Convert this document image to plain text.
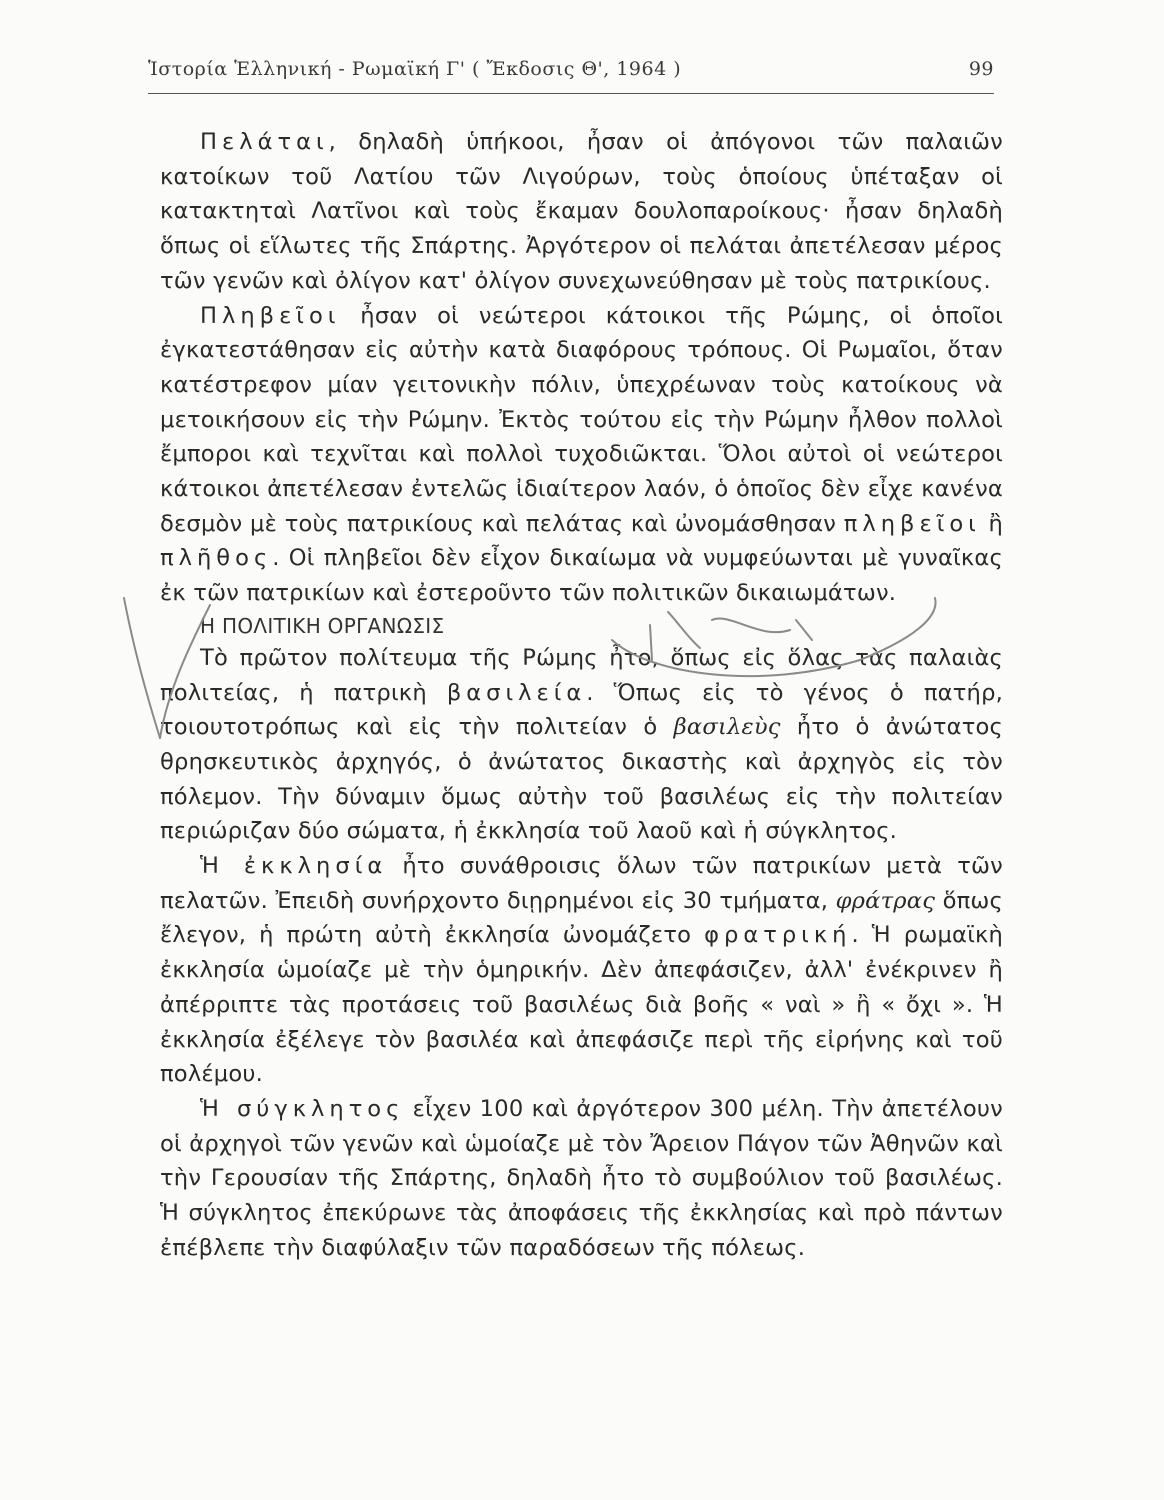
Ἱστορία Ἑλληνική - Ρωμαϊκή Γ' ( Ἔκδοσις Θ', 1964 )	99

Πελάται, δηλαδὴ ὑπήκοοι, ἦσαν οἱ ἀπόγονοι τῶν παλαιῶν κατοίκων τοῦ Λατίου τῶν Λιγούρων, τοὺς ὁποίους ὑπέταξαν οἱ κατακτηταὶ Λατῖνοι καὶ τοὺς ἔκαμαν δουλοπαροίκους· ἦσαν δηλαδὴ ὅπως οἱ εἵλωτες τῆς Σπάρτης. Ἀργότερον οἱ πελάται ἀπετέλεσαν μέρος τῶν γενῶν καὶ ὀλίγον κατ' ὀλίγον συνεχωνεύθησαν μὲ τοὺς πατρικίους.

Πληβεῖοι ἦσαν οἱ νεώτεροι κάτοικοι τῆς Ρώμης, οἱ ὁποῖοι ἐγκατεστάθησαν εἰς αὐτὴν κατὰ διαφόρους τρόπους. Οἱ Ρωμαῖοι, ὅταν κατέστρεφον μίαν γειτονικὴν πόλιν, ὑπεχρέωναν τοὺς κατοίκους νὰ μετοικήσουν εἰς τὴν Ρώμην. Ἐκτὸς τούτου εἰς τὴν Ρώμην ἦλθον πολλοὶ ἔμποροι καὶ τεχνῖται καὶ πολλοὶ τυχοδιῶκται. Ὅλοι αὐτοὶ οἱ νεώτεροι κάτοικοι ἀπετέλεσαν ἐντελῶς ἰδιαίτερον λαόν, ὁ ὁποῖος δὲν εἶχε κανένα δεσμὸν μὲ τοὺς πατρικίους καὶ πελάτας καὶ ὠνομάσθησαν πληβεῖοι ἢ πλῆθος. Οἱ πληβεῖοι δὲν εἶχον δικαίωμα νὰ νυμφεύωνται μὲ γυναῖκας ἐκ τῶν πατρικίων καὶ ἐστεροῦντο τῶν πολιτικῶν δικαιωμάτων.

Η ΠΟΛΙΤΙΚΗ ΟΡΓΑΝΩΣΙΣ

Τὸ πρῶτον πολίτευμα τῆς Ρώμης ἦτο, ὅπως εἰς ὅλας τὰς παλαιὰς πολιτείας, ἡ πατρικὴ βασιλεία. Ὅπως εἰς τὸ γένος ὁ πατήρ, τοιουτοτρόπως καὶ εἰς τὴν πολιτείαν ὁ βασιλεὺς ἦτο ὁ ἀνώτατος θρησκευτικὸς ἀρχηγός, ὁ ἀνώτατος δικαστὴς καὶ ἀρχηγὸς εἰς τὸν πόλεμον. Τὴν δύναμιν ὅμως αὐτὴν τοῦ βασιλέως εἰς τὴν πολιτείαν περιώριζαν δύο σώματα, ἡ ἐκκλησία τοῦ λαοῦ καὶ ἡ σύγκλητος.

Ἡ ἐκκλησία ἦτο συνάθροισις ὅλων τῶν πατρικίων μετὰ τῶν πελατῶν. Ἐπειδὴ συνήρχοντο διῃρημένοι εἰς 30 τμήματα, φράτρας ὅπως ἔλεγον, ἡ πρώτη αὐτὴ ἐκκλησία ὠνομάζετο φρατρική. Ἡ ρωμαϊκὴ ἐκκλησία ὡμοίαζε μὲ τὴν ὁμηρικήν. Δὲν ἀπεφάσιζεν, ἀλλ' ἐνέκρινεν ἢ ἀπέρριπτε τὰς προτάσεις τοῦ βασιλέως διὰ βοῆς « ναὶ » ἢ « ὄχι ». Ἡ ἐκκλησία ἐξέλεγε τὸν βασιλέα καὶ ἀπεφάσιζε περὶ τῆς εἰρήνης καὶ τοῦ πολέμου.

Ἡ σύγκλητος εἶχεν 100 καὶ ἀργότερον 300 μέλη. Τὴν ἀπετέλουν οἱ ἀρχηγοὶ τῶν γενῶν καὶ ὡμοίαζε μὲ τὸν Ἄρειον Πάγον τῶν Ἀθηνῶν καὶ τὴν Γερουσίαν τῆς Σπάρτης, δηλαδὴ ἦτο τὸ συμβούλιον τοῦ βασιλέως. Ἡ σύγκλητος ἐπεκύρωνε τὰς ἀποφάσεις τῆς ἐκκλησίας καὶ πρὸ πάντων ἐπέβλεπε τὴν διαφύλαξιν τῶν παραδόσεων τῆς πόλεως.
